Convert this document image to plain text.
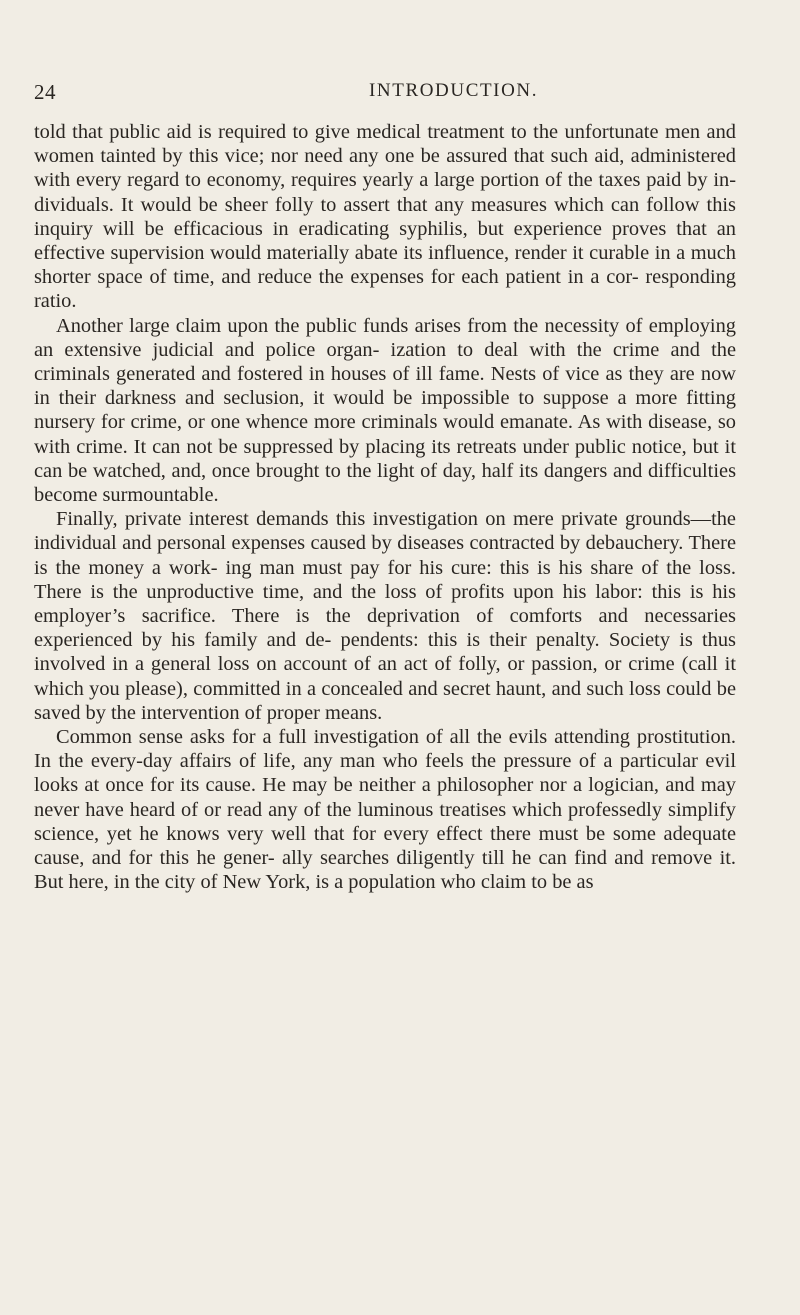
24	INTRODUCTION.

told that public aid is required to give medical treatment to the unfortunate men and women tainted by this vice; nor need any one be assured that such aid, administered with every regard to economy, requires yearly a large portion of the taxes paid by in- dividuals. It would be sheer folly to assert that any measures which can follow this inquiry will be efficacious in eradicating syphilis, but experience proves that an effective supervision would materially abate its influence, render it curable in a much shorter space of time, and reduce the expenses for each patient in a cor- responding ratio.

Another large claim upon the public funds arises from the necessity of employing an extensive judicial and police organ- ization to deal with the crime and the criminals generated and fostered in houses of ill fame. Nests of vice as they are now in their darkness and seclusion, it would be impossible to suppose a more fitting nursery for crime, or one whence more criminals would emanate. As with disease, so with crime. It can not be suppressed by placing its retreats under public notice, but it can be watched, and, once brought to the light of day, half its dangers and difficulties become surmountable.

Finally, private interest demands this investigation on mere private grounds—the individual and personal expenses caused by diseases contracted by debauchery. There is the money a work- ing man must pay for his cure: this is his share of the loss. There is the unproductive time, and the loss of profits upon his labor: this is his employer’s sacrifice. There is the deprivation of comforts and necessaries experienced by his family and de- pendents: this is their penalty. Society is thus involved in a general loss on account of an act of folly, or passion, or crime (call it which you please), committed in a concealed and secret haunt, and such loss could be saved by the intervention of proper means.

Common sense asks for a full investigation of all the evils attending prostitution. In the every-day affairs of life, any man who feels the pressure of a particular evil looks at once for its cause. He may be neither a philosopher nor a logician, and may never have heard of or read any of the luminous treatises which professedly simplify science, yet he knows very well that for every effect there must be some adequate cause, and for this he gener- ally searches diligently till he can find and remove it. But here, in the city of New York, is a population who claim to be as
